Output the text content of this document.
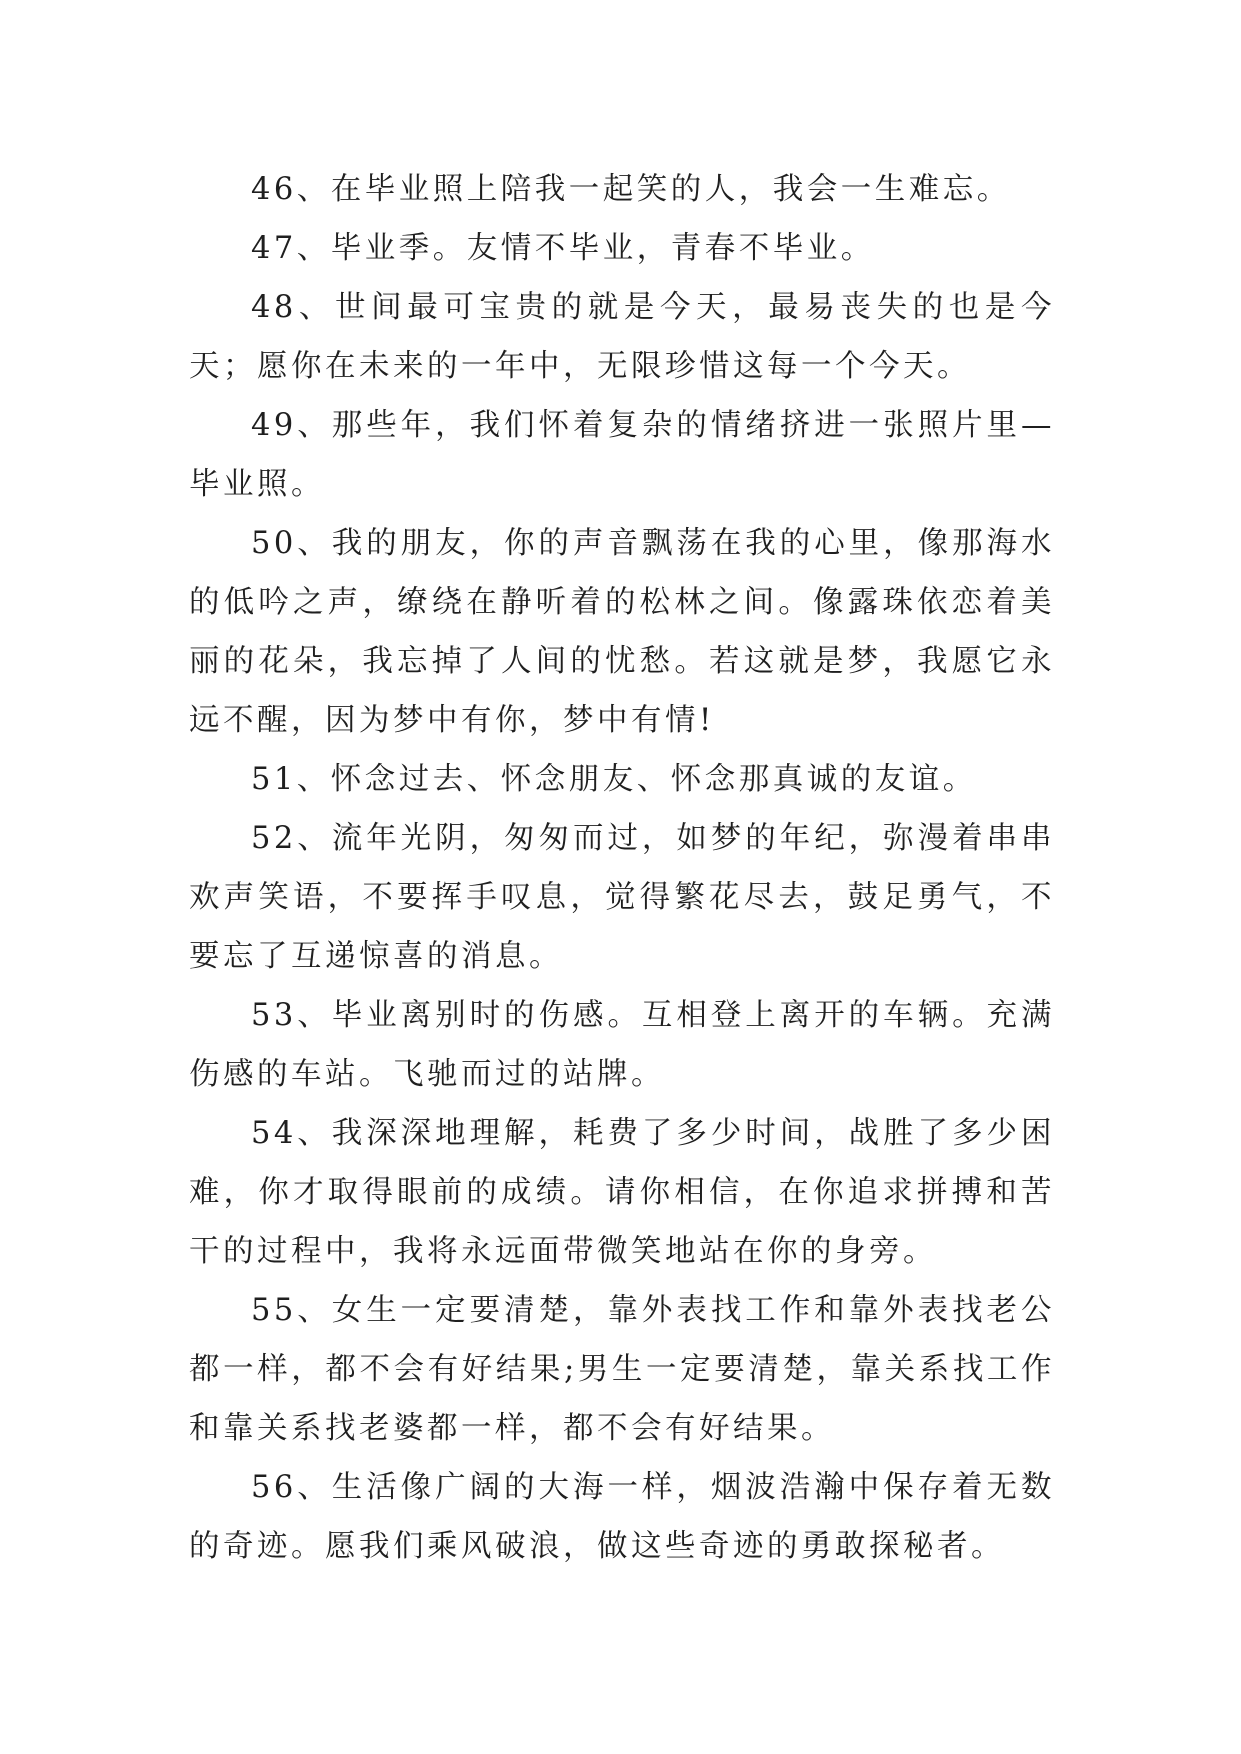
46、在毕业照上陪我一起笑的人，我会一生难忘。

47、毕业季。友情不毕业，青春不毕业。

48、世间最可宝贵的就是今天，最易丧失的也是今天；愿你在未来的一年中，无限珍惜这每一个今天。

49、那些年，我们怀着复杂的情绪挤进一张照片里—毕业照。

50、我的朋友，你的声音飘荡在我的心里，像那海水的低吟之声，缭绕在静听着的松林之间。像露珠依恋着美丽的花朵，我忘掉了人间的忧愁。若这就是梦，我愿它永远不醒，因为梦中有你，梦中有情!

51、怀念过去、怀念朋友、怀念那真诚的友谊。

52、流年光阴，匆匆而过，如梦的年纪，弥漫着串串欢声笑语，不要挥手叹息，觉得繁花尽去，鼓足勇气，不要忘了互递惊喜的消息。

53、毕业离别时的伤感。互相登上离开的车辆。充满伤感的车站。飞驰而过的站牌。

54、我深深地理解，耗费了多少时间，战胜了多少困难，你才取得眼前的成绩。请你相信，在你追求拼搏和苦干的过程中，我将永远面带微笑地站在你的身旁。

55、女生一定要清楚，靠外表找工作和靠外表找老公都一样，都不会有好结果;男生一定要清楚，靠关系找工作和靠关系找老婆都一样，都不会有好结果。

56、生活像广阔的大海一样，烟波浩瀚中保存着无数的奇迹。愿我们乘风破浪，做这些奇迹的勇敢探秘者。
